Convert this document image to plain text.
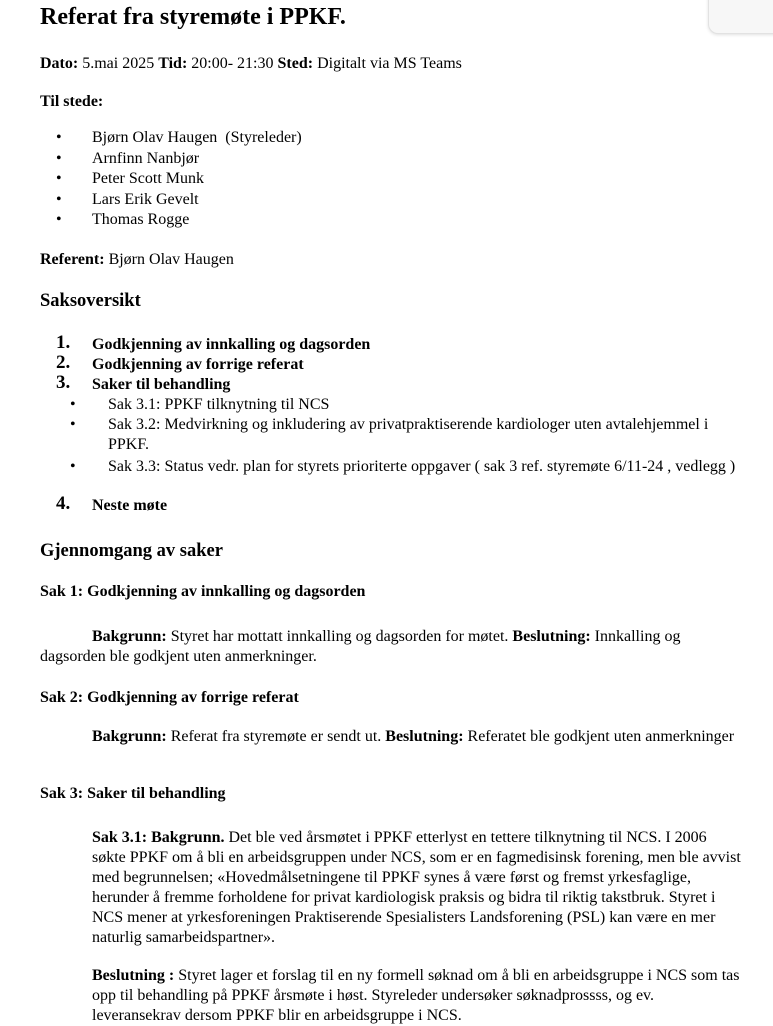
Referat fra styremøte i PPKF.
Dato: 5.mai 2025 Tid: 20:00- 21:30 Sted: Digitalt via MS Teams
Til stede:
• Bjørn Olav Haugen  (Styreleder)
• Arnfinn Nanbjør
• Peter Scott Munk
• Lars Erik Gevelt
• Thomas Rogge
Referent: Bjørn Olav Haugen
Saksoversikt
1. Godkjenning av innkalling og dagsorden
2. Godkjenning av forrige referat
3. Saker til behandling
• Sak 3.1: PPKF tilknytning til NCS
• Sak 3.2: Medvirkning og inkludering av privatpraktiserende kardiologer uten avtalehjemmel i PPKF.
• Sak 3.3: Status vedr. plan for styrets prioriterte oppgaver ( sak 3 ref. styremøte 6/11-24 , vedlegg )
4. Neste møte
Gjennomgang av saker
Sak 1: Godkjenning av innkalling og dagsorden
Bakgrunn: Styret har mottatt innkalling og dagsorden for møtet. Beslutning: Innkalling og dagsorden ble godkjent uten anmerkninger.
Sak 2: Godkjenning av forrige referat
Bakgrunn: Referat fra styremøte er sendt ut. Beslutning: Referatet ble godkjent uten anmerkninger
Sak 3: Saker til behandling
Sak 3.1: Bakgrunn. Det ble ved årsmøtet i PPKF etterlyst en tettere tilknytning til NCS. I 2006 søkte PPKF om å bli en arbeidsgruppen under NCS, som er en fagmedisinsk forening, men ble avvist med begrunnelsen; «Hovedmålsetningene til PPKF synes å være først og fremst yrkesfaglige, herunder å fremme forholdene for privat kardiologisk praksis og bidra til riktig takstbruk. Styret i NCS mener at yrkesforeningen Praktiserende Spesialisters Landsforening (PSL) kan være en mer naturlig samarbeidspartner».
Beslutning : Styret lager et forslag til en ny formell søknad om å bli en arbeidsgruppe i NCS som tas opp til behandling på PPKF årsmøte i høst. Styreleder undersøker søknadprossss, og ev. leveransekrav dersom PPKF blir en arbeidsgruppe i NCS.
